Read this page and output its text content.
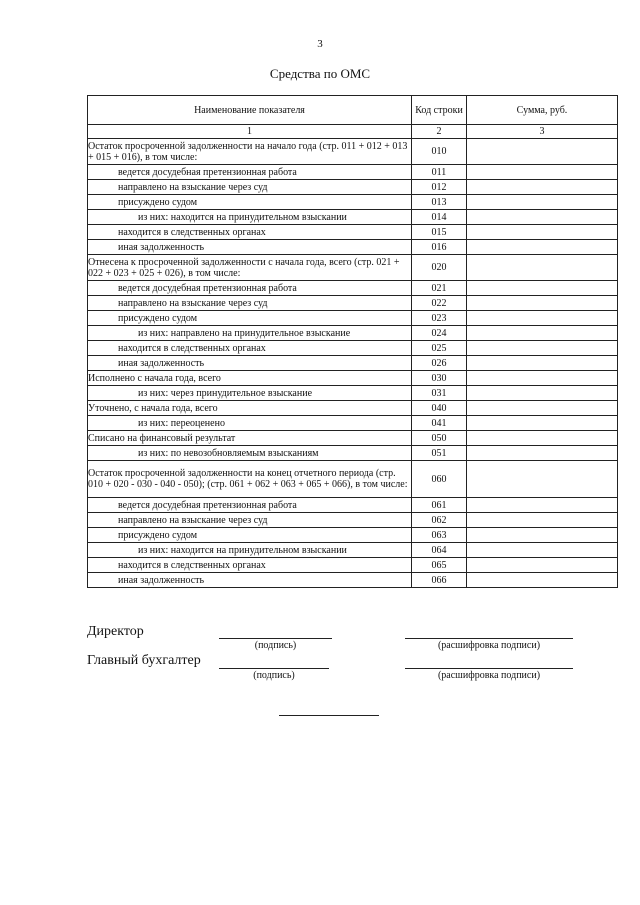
3
Средства по ОМС
Наименование показателя	Код строки	Сумма, руб.
1	2	3
Остаток просроченной задолженности на начало года (стр. 011 + 012 + 013 + 015 + 016), в том числе:	010	
ведется досудебная претензионная работа	011	
направлено на взыскание через суд	012	
присуждено судом	013	
из них: находится на принудительном взыскании	014	
находится в следственных органах	015	
иная задолженность	016	
Отнесена к просроченной задолженности с начала года, всего (стр. 021 + 022 + 023 + 025 + 026), в том числе:	020	
ведется досудебная претензионная работа	021	
направлено на взыскание через суд	022	
присуждено судом	023	
из них: направлено на принудительное взыскание	024	
находится в следственных органах	025	
иная задолженность	026	
Исполнено с начала года, всего	030	
из них: через принудительное взыскание	031	
Уточнено, с начала года, всего	040	
из них: переоценено	041	
Списано на финансовый результат	050	
из них: по невозобновляемым взысканиям	051	
Остаток просроченной задолженности на конец отчетного периода (стр. 010 + 020 - 030 - 040 - 050); (стр. 061 + 062 + 063 + 065 + 066), в том числе:	060	
ведется досудебная претензионная работа	061	
направлено на взыскание через суд	062	
присуждено судом	063	
из них: находится на принудительном взыскании	064	
находится в следственных органах	065	
иная задолженность	066	
Директор
(подпись)	(расшифровка подписи)
Главный бухгалтер
(подпись)	(расшифровка подписи)
